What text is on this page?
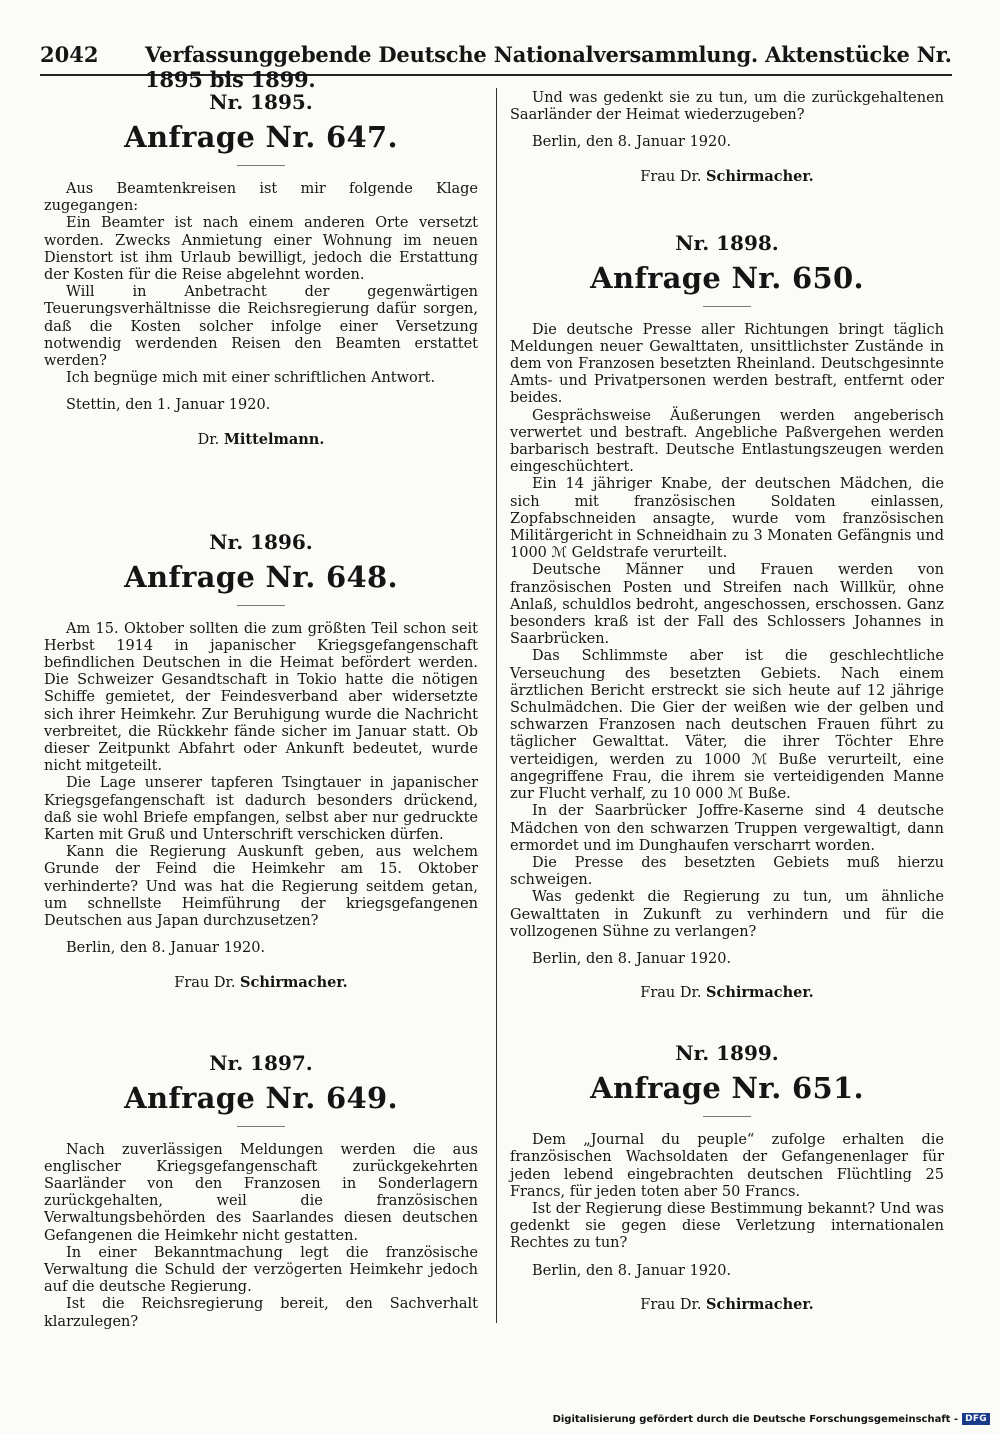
2042 Verfassunggebende Deutsche Nationalversammlung. Aktenstücke Nr. 1895 bis 1899.
Nr. 1895.
Anfrage Nr. 647.

Aus Beamtenkreisen ist mir folgende Klage zugegangen:

Ein Beamter ist nach einem anderen Orte versetzt worden. Zwecks Anmietung einer Wohnung im neuen Dienstort ist ihm Urlaub bewilligt, jedoch die Erstattung der Kosten für die Reise abgelehnt worden.

Will in Anbetracht der gegenwärtigen Teuerungsverhältnisse die Reichsregierung dafür sorgen, daß die Kosten solcher infolge einer Versetzung notwendig werdenden Reisen den Beamten erstattet werden?

Ich begnüge mich mit einer schriftlichen Antwort.

Stettin, den 1. Januar 1920.
Dr. Mittelmann.
Nr. 1896.
Anfrage Nr. 648.

Am 15. Oktober sollten die zum größten Teil schon seit Herbst 1914 in japanischer Kriegsgefangenschaft befindlichen Deutschen in die Heimat befördert werden. Die Schweizer Gesandtschaft in Tokio hatte die nötigen Schiffe gemietet, der Feindesverband aber widersetzte sich ihrer Heimkehr. Zur Beruhigung wurde die Nachricht verbreitet, die Rückkehr fände sicher im Januar statt. Ob dieser Zeitpunkt Abfahrt oder Ankunft bedeutet, wurde nicht mitgeteilt.

Die Lage unserer tapferen Tsingtauer in japanischer Kriegsgefangenschaft ist dadurch besonders drückend, daß sie wohl Briefe empfangen, selbst aber nur gedruckte Karten mit Gruß und Unterschrift verschicken dürfen.

Kann die Regierung Auskunft geben, aus welchem Grunde der Feind die Heimkehr am 15. Oktober verhinderte? Und was hat die Regierung seitdem getan, um schnellste Heimführung der kriegsgefangenen Deutschen aus Japan durchzusetzen?

Berlin, den 8. Januar 1920.
Frau Dr. Schirmacher.
Nr. 1897.
Anfrage Nr. 649.

Nach zuverlässigen Meldungen werden die aus englischer Kriegsgefangenschaft zurückgekehrten Saarländer von den Franzosen in Sonderlagern zurückgehalten, weil die französischen Verwaltungsbehörden des Saarlandes diesen deutschen Gefangenen die Heimkehr nicht gestatten.

In einer Bekanntmachung legt die französische Verwaltung die Schuld der verzögerten Heimkehr jedoch auf die deutsche Regierung.

Ist die Reichsregierung bereit, den Sachverhalt klarzulegen?

Und was gedenkt sie zu tun, um die zurückgehaltenen Saarländer der Heimat wiederzugeben?

Berlin, den 8. Januar 1920.
Frau Dr. Schirmacher.
Nr. 1898.
Anfrage Nr. 650.

Die deutsche Presse aller Richtungen bringt täglich Meldungen neuer Gewalttaten, unsittlichster Zustände in dem von Franzosen besetzten Rheinland. Deutschgesinnte Amts- und Privatpersonen werden bestraft, entfernt oder beides.

Gesprächsweise Äußerungen werden angeberisch verwertet und bestraft. Angebliche Paßvergehen werden barbarisch bestraft. Deutsche Entlastungszeugen werden eingeschüchtert.

Ein 14 jähriger Knabe, der deutschen Mädchen, die sich mit französischen Soldaten einlassen, Zopfabschneiden ansagte, wurde vom französischen Militärgericht in Schneidhain zu 3 Monaten Gefängnis und 1000 ℳ Geldstrafe verurteilt.

Deutsche Männer und Frauen werden von französischen Posten und Streifen nach Willkür, ohne Anlaß, schuldlos bedroht, angeschossen, erschossen. Ganz besonders kraß ist der Fall des Schlossers Johannes in Saarbrücken.

Das Schlimmste aber ist die geschlechtliche Verseuchung des besetzten Gebiets. Nach einem ärztlichen Bericht erstreckt sie sich heute auf 12 jährige Schulmädchen. Die Gier der weißen wie der gelben und schwarzen Franzosen nach deutschen Frauen führt zu täglicher Gewalttat. Väter, die ihrer Töchter Ehre verteidigen, werden zu 1000 ℳ Buße verurteilt, eine angegriffene Frau, die ihrem sie verteidigenden Manne zur Flucht verhalf, zu 10 000 ℳ Buße.

In der Saarbrücker Joffre-Kaserne sind 4 deutsche Mädchen von den schwarzen Truppen vergewaltigt, dann ermordet und im Dunghaufen verscharrt worden.

Die Presse des besetzten Gebiets muß hierzu schweigen.

Was gedenkt die Regierung zu tun, um ähnliche Gewalttaten in Zukunft zu verhindern und für die vollzogenen Sühne zu verlangen?

Berlin, den 8. Januar 1920.
Frau Dr. Schirmacher.
Nr. 1899.
Anfrage Nr. 651.

Dem „Journal du peuple“ zufolge erhalten die französischen Wachsoldaten der Gefangenenlager für jeden lebend eingebrachten deutschen Flüchtling 25 Francs, für jeden toten aber 50 Francs.

Ist der Regierung diese Bestimmung bekannt? Und was gedenkt sie gegen diese Verletzung internationalen Rechtes zu tun?

Berlin, den 8. Januar 1920.
Frau Dr. Schirmacher.
Digitalisierung gefördert durch die Deutsche Forschungsgemeinschaft - DFG
